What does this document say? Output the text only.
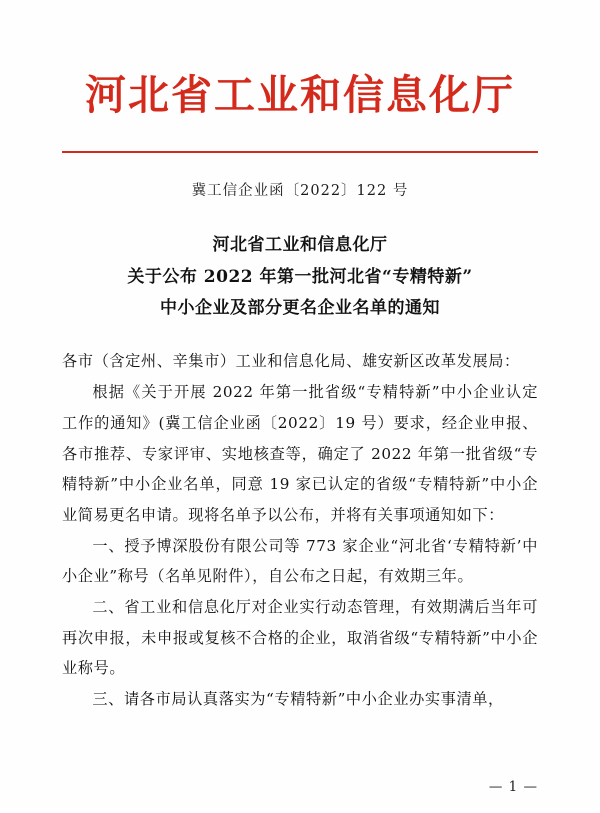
河北省工业和信息化厅
冀工信企业函〔2022〕122 号
河北省工业和信息化厅
关于公布 2022 年第一批河北省“专精特新”
中小企业及部分更名企业名单的通知

各市（含定州、辛集市）工业和信息化局、雄安新区改革发展局：

根据《关于开展 2022 年第一批省级“专精特新”中小企业认定工作的通知》(冀工信企业函〔2022〕19 号）要求，经企业申报、各市推荐、专家评审、实地核查等，确定了 2022 年第一批省级“专精特新”中小企业名单，同意 19 家已认定的省级“专精特新”中小企业简易更名申请。现将名单予以公布，并将有关事项通知如下：

一、授予博深股份有限公司等 773 家企业“河北省‘专精特新’中小企业”称号（名单见附件），自公布之日起，有效期三年。

二、省工业和信息化厅对企业实行动态管理，有效期满后当年可再次申报，未申报或复核不合格的企业，取消省级“专精特新”中小企业称号。

三、请各市局认真落实为“专精特新”中小企业办实事清单，

— 1 —
